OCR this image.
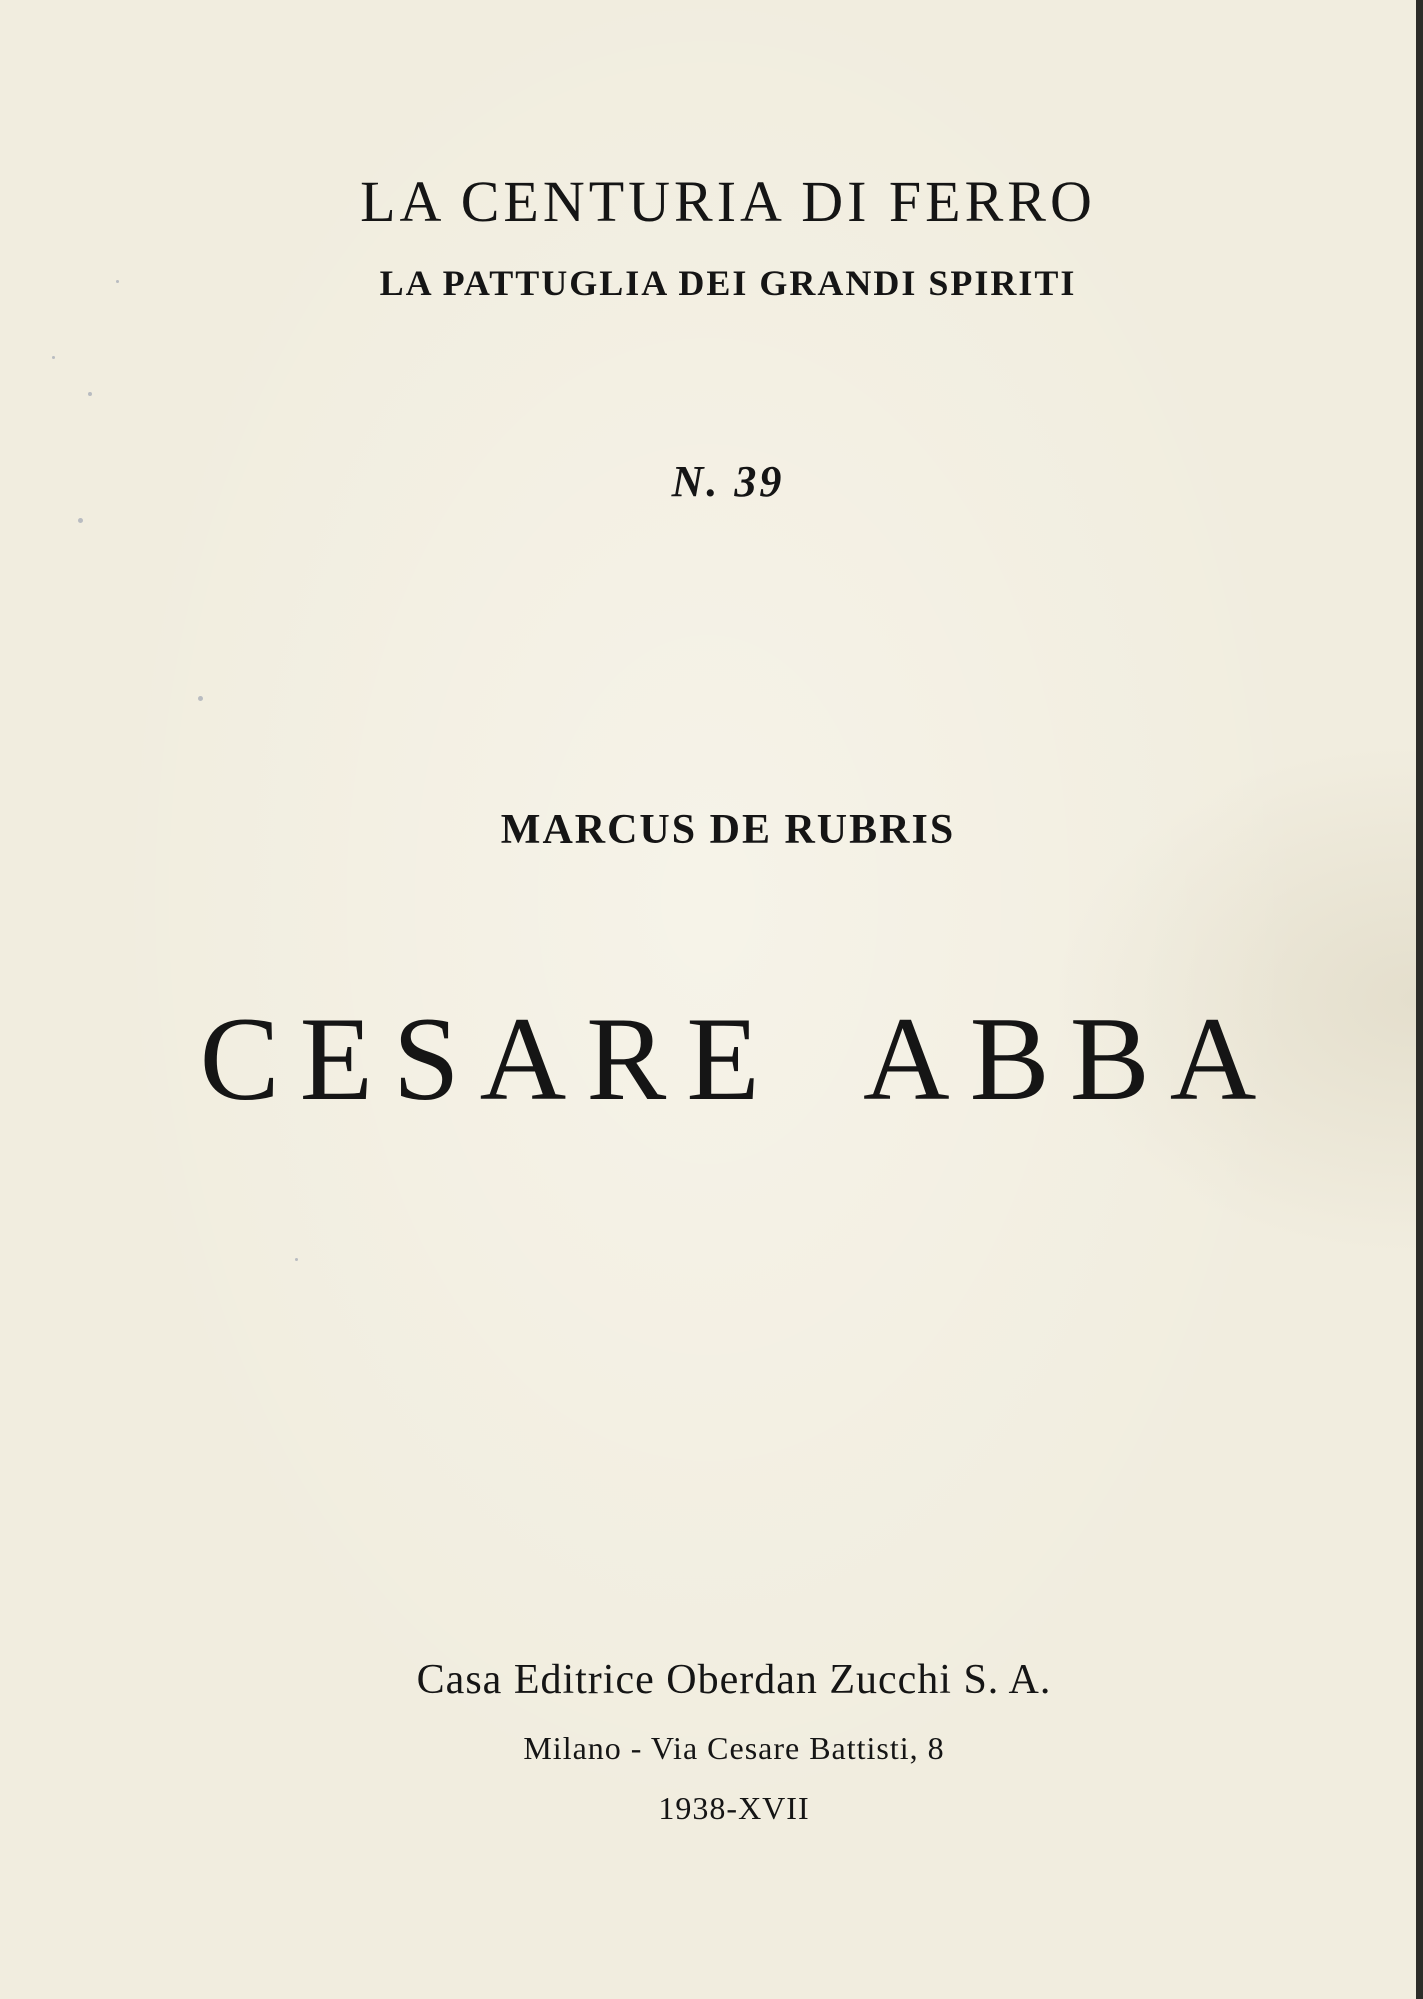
LA CENTURIA DI FERRO
LA PATTUGLIA DEI GRANDI SPIRITI
N. 39
MARCUS DE RUBRIS
CESARE ABBA
Casa Editrice Oberdan Zucchi S. A.
Milano - Via Cesare Battisti, 8
1938-XVII
